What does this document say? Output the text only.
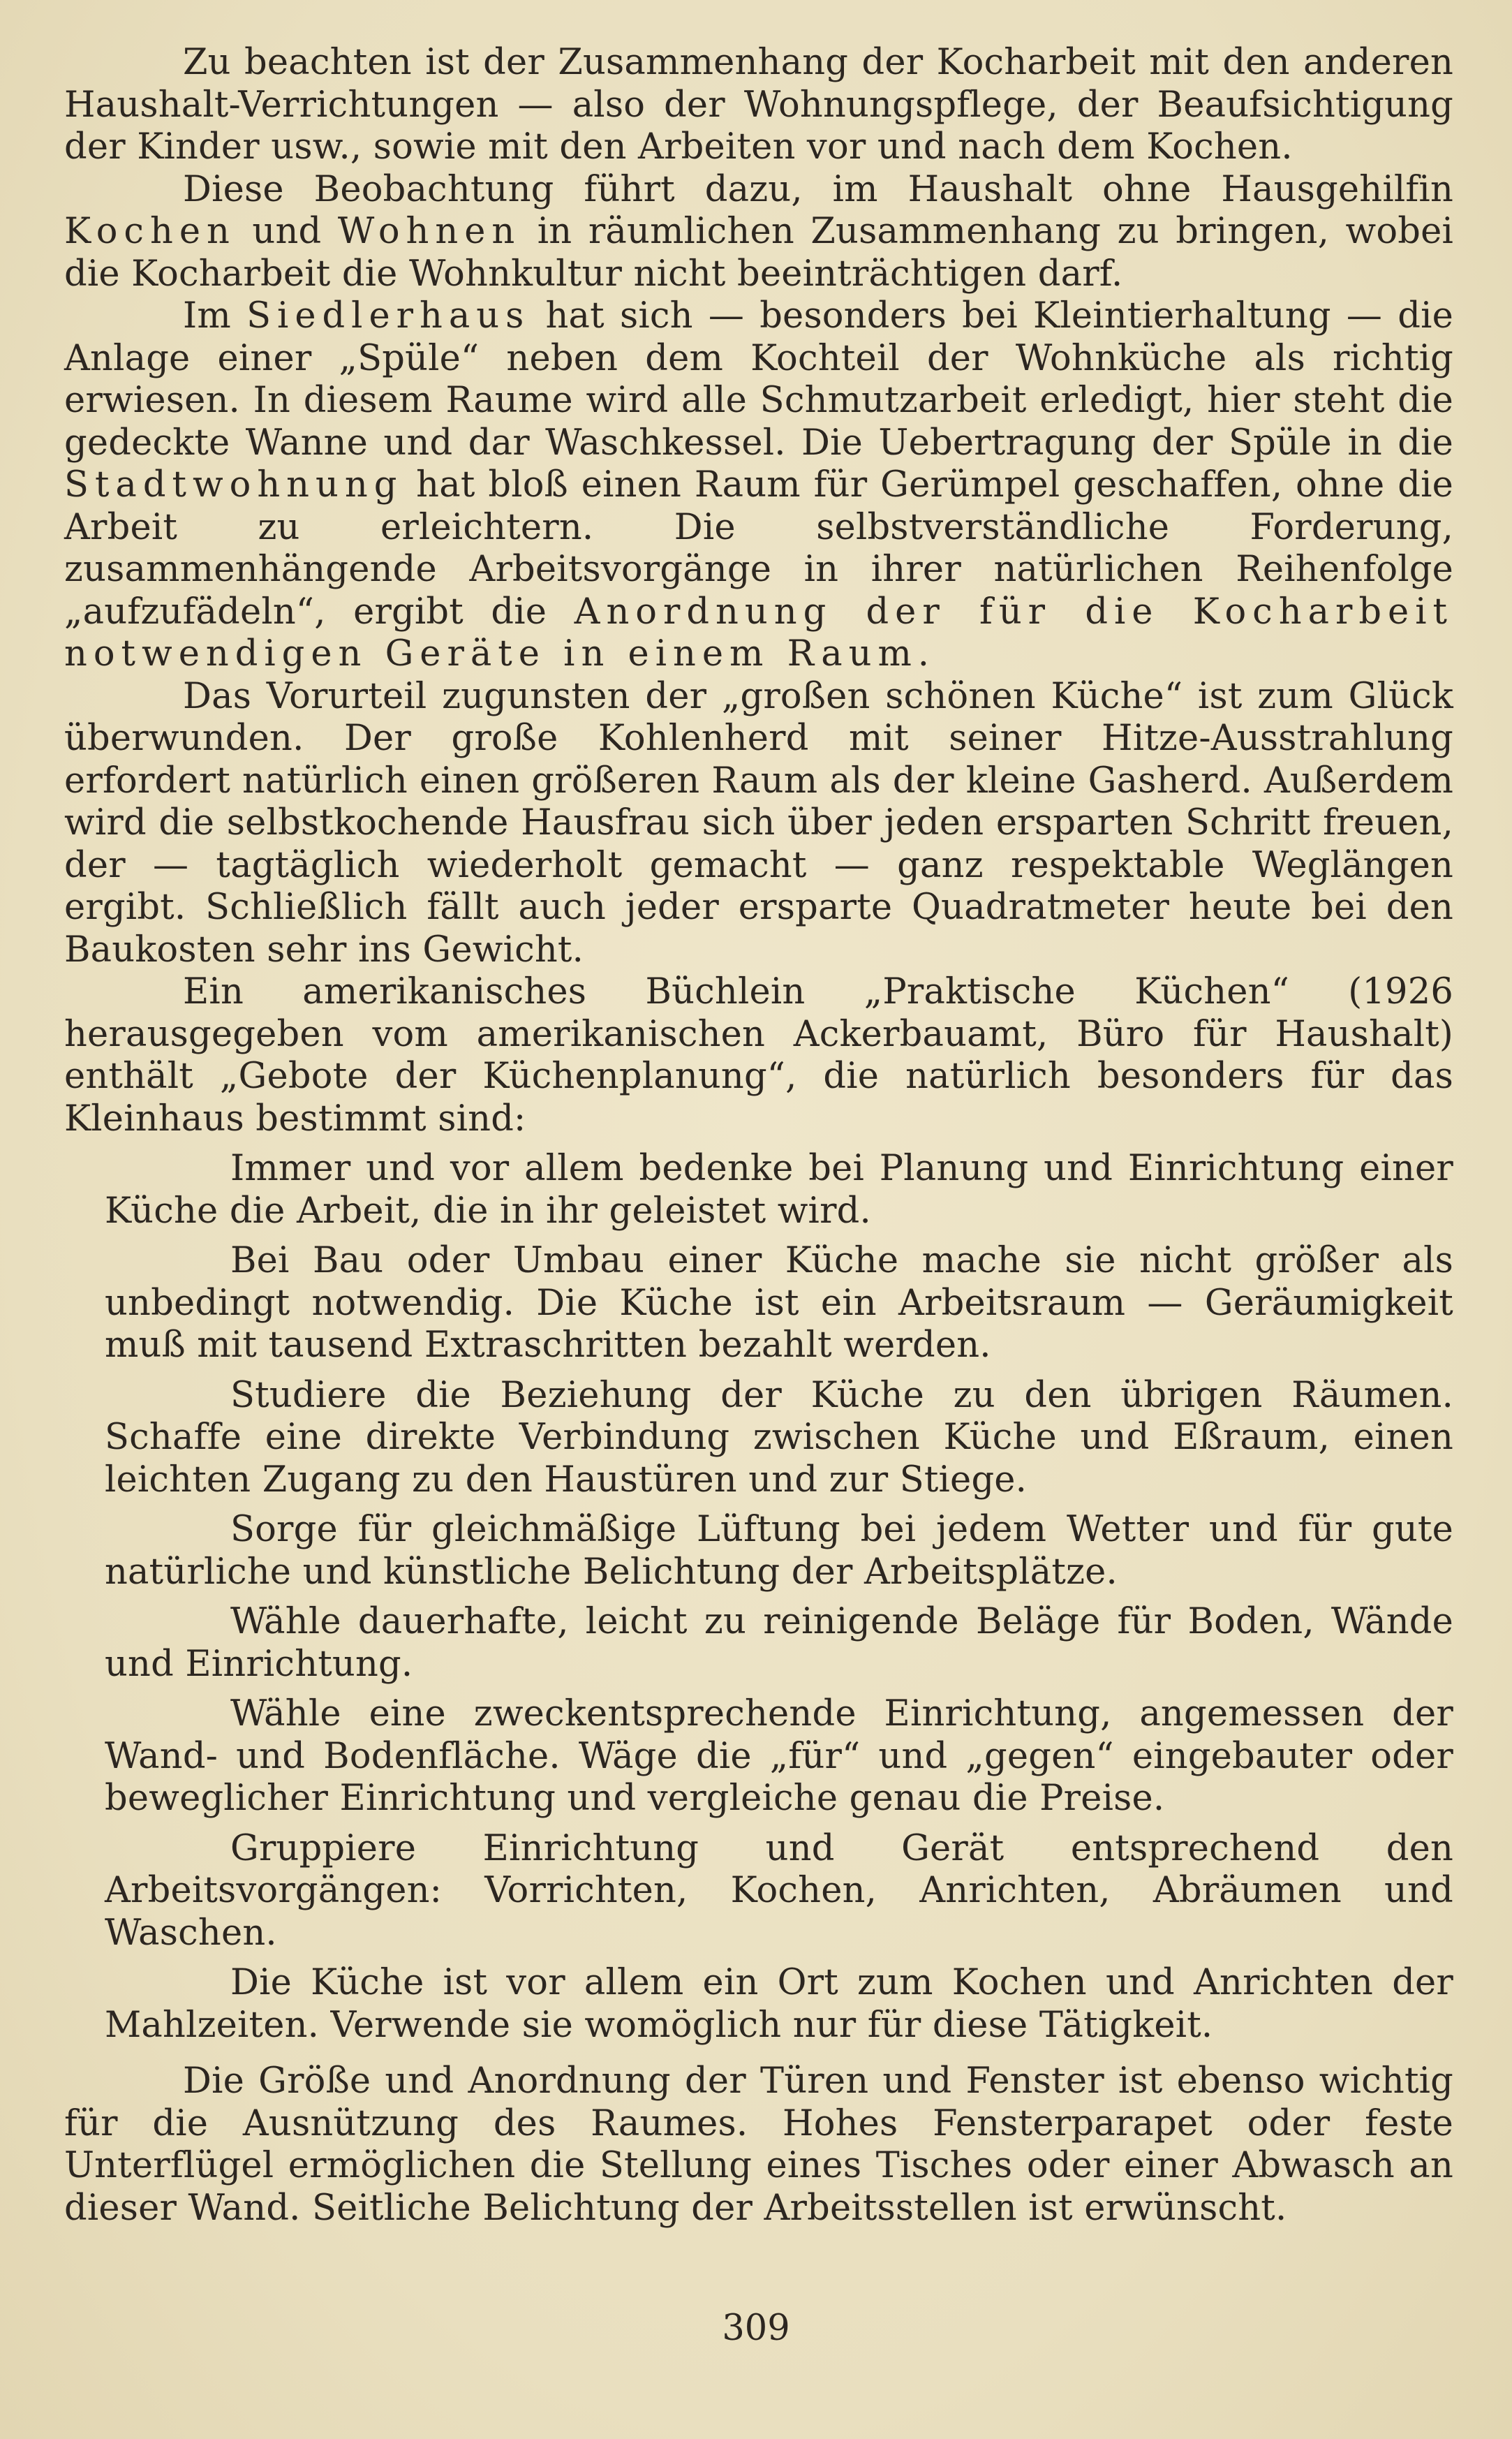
Zu beachten ist der Zusammenhang der Kocharbeit mit den anderen Haushalt-Verrichtungen — also der Wohnungspflege, der Beaufsichtigung der Kinder usw., sowie mit den Arbeiten vor und nach dem Kochen.

Diese Beobachtung führt dazu, im Haushalt ohne Hausgehilfin Kochen und Wohnen in räumlichen Zusammenhang zu bringen, wobei die Kocharbeit die Wohnkultur nicht beeinträchtigen darf.

Im Siedlerhaus hat sich — besonders bei Kleintierhaltung — die Anlage einer „Spüle“ neben dem Kochteil der Wohnküche als richtig erwiesen. In diesem Raume wird alle Schmutzarbeit erledigt, hier steht die gedeckte Wanne und dar Waschkessel. Die Uebertragung der Spüle in die Stadtwohnung hat bloß einen Raum für Gerümpel geschaffen, ohne die Arbeit zu erleichtern. Die selbstverständliche Forderung, zusammenhängende Arbeitsvorgänge in ihrer natürlichen Reihenfolge „aufzufädeln“, ergibt die Anordnung der für die Kocharbeit notwendigen Geräte in einem Raum.

Das Vorurteil zugunsten der „großen schönen Küche“ ist zum Glück überwunden. Der große Kohlenherd mit seiner Hitze-Ausstrahlung erfordert natürlich einen größeren Raum als der kleine Gasherd. Außerdem wird die selbstkochende Hausfrau sich über jeden ersparten Schritt freuen, der — tagtäglich wiederholt gemacht — ganz respektable Weglängen ergibt. Schließlich fällt auch jeder ersparte Quadratmeter heute bei den Baukosten sehr ins Gewicht.

Ein amerikanisches Büchlein „Praktische Küchen“ (1926 herausgegeben vom amerikanischen Ackerbauamt, Büro für Haushalt) enthält „Gebote der Küchenplanung“, die natürlich besonders für das Kleinhaus bestimmt sind:

Immer und vor allem bedenke bei Planung und Einrichtung einer Küche die Arbeit, die in ihr geleistet wird.

Bei Bau oder Umbau einer Küche mache sie nicht größer als unbedingt notwendig. Die Küche ist ein Arbeitsraum — Geräumigkeit muß mit tausend Extraschritten bezahlt werden.

Studiere die Beziehung der Küche zu den übrigen Räumen. Schaffe eine direkte Verbindung zwischen Küche und Eßraum, einen leichten Zugang zu den Haustüren und zur Stiege.

Sorge für gleichmäßige Lüftung bei jedem Wetter und für gute natürliche und künstliche Belichtung der Arbeitsplätze.

Wähle dauerhafte, leicht zu reinigende Beläge für Boden, Wände und Einrichtung.

Wähle eine zweckentsprechende Einrichtung, angemessen der Wand- und Bodenfläche. Wäge die „für“ und „gegen“ eingebauter oder beweglicher Einrichtung und vergleiche genau die Preise.

Gruppiere Einrichtung und Gerät entsprechend den Arbeitsvorgängen: Vorrichten, Kochen, Anrichten, Abräumen und Waschen.

Die Küche ist vor allem ein Ort zum Kochen und Anrichten der Mahlzeiten. Verwende sie womöglich nur für diese Tätigkeit.

Die Größe und Anordnung der Türen und Fenster ist ebenso wichtig für die Ausnützung des Raumes. Hohes Fensterparapet oder feste Unterflügel ermöglichen die Stellung eines Tisches oder einer Abwasch an dieser Wand. Seitliche Belichtung der Arbeitsstellen ist erwünscht.

309
